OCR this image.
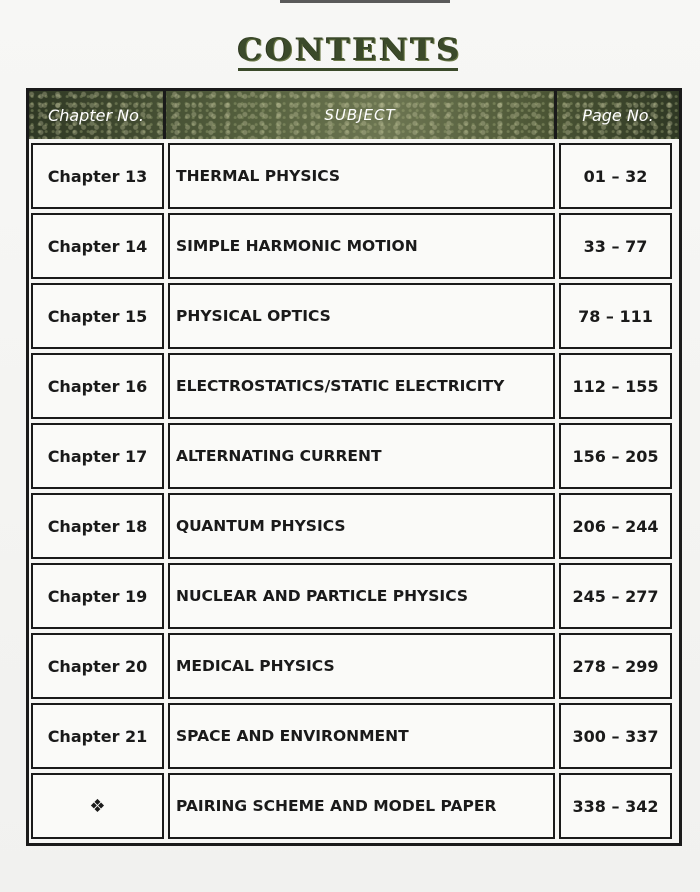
CONTENTS
Chapter No.	SUBJECT	Page No.
Chapter 13	THERMAL PHYSICS	01 – 32
Chapter 14	SIMPLE HARMONIC MOTION	33 – 77
Chapter 15	PHYSICAL OPTICS	78 – 111
Chapter 16	ELECTROSTATICS/STATIC ELECTRICITY	112 – 155
Chapter 17	ALTERNATING CURRENT	156 – 205
Chapter 18	QUANTUM PHYSICS	206 – 244
Chapter 19	NUCLEAR AND PARTICLE PHYSICS	245 – 277
Chapter 20	MEDICAL PHYSICS	278 – 299
Chapter 21	SPACE AND ENVIRONMENT	300 – 337
❖	PAIRING SCHEME AND MODEL PAPER	338 – 342
